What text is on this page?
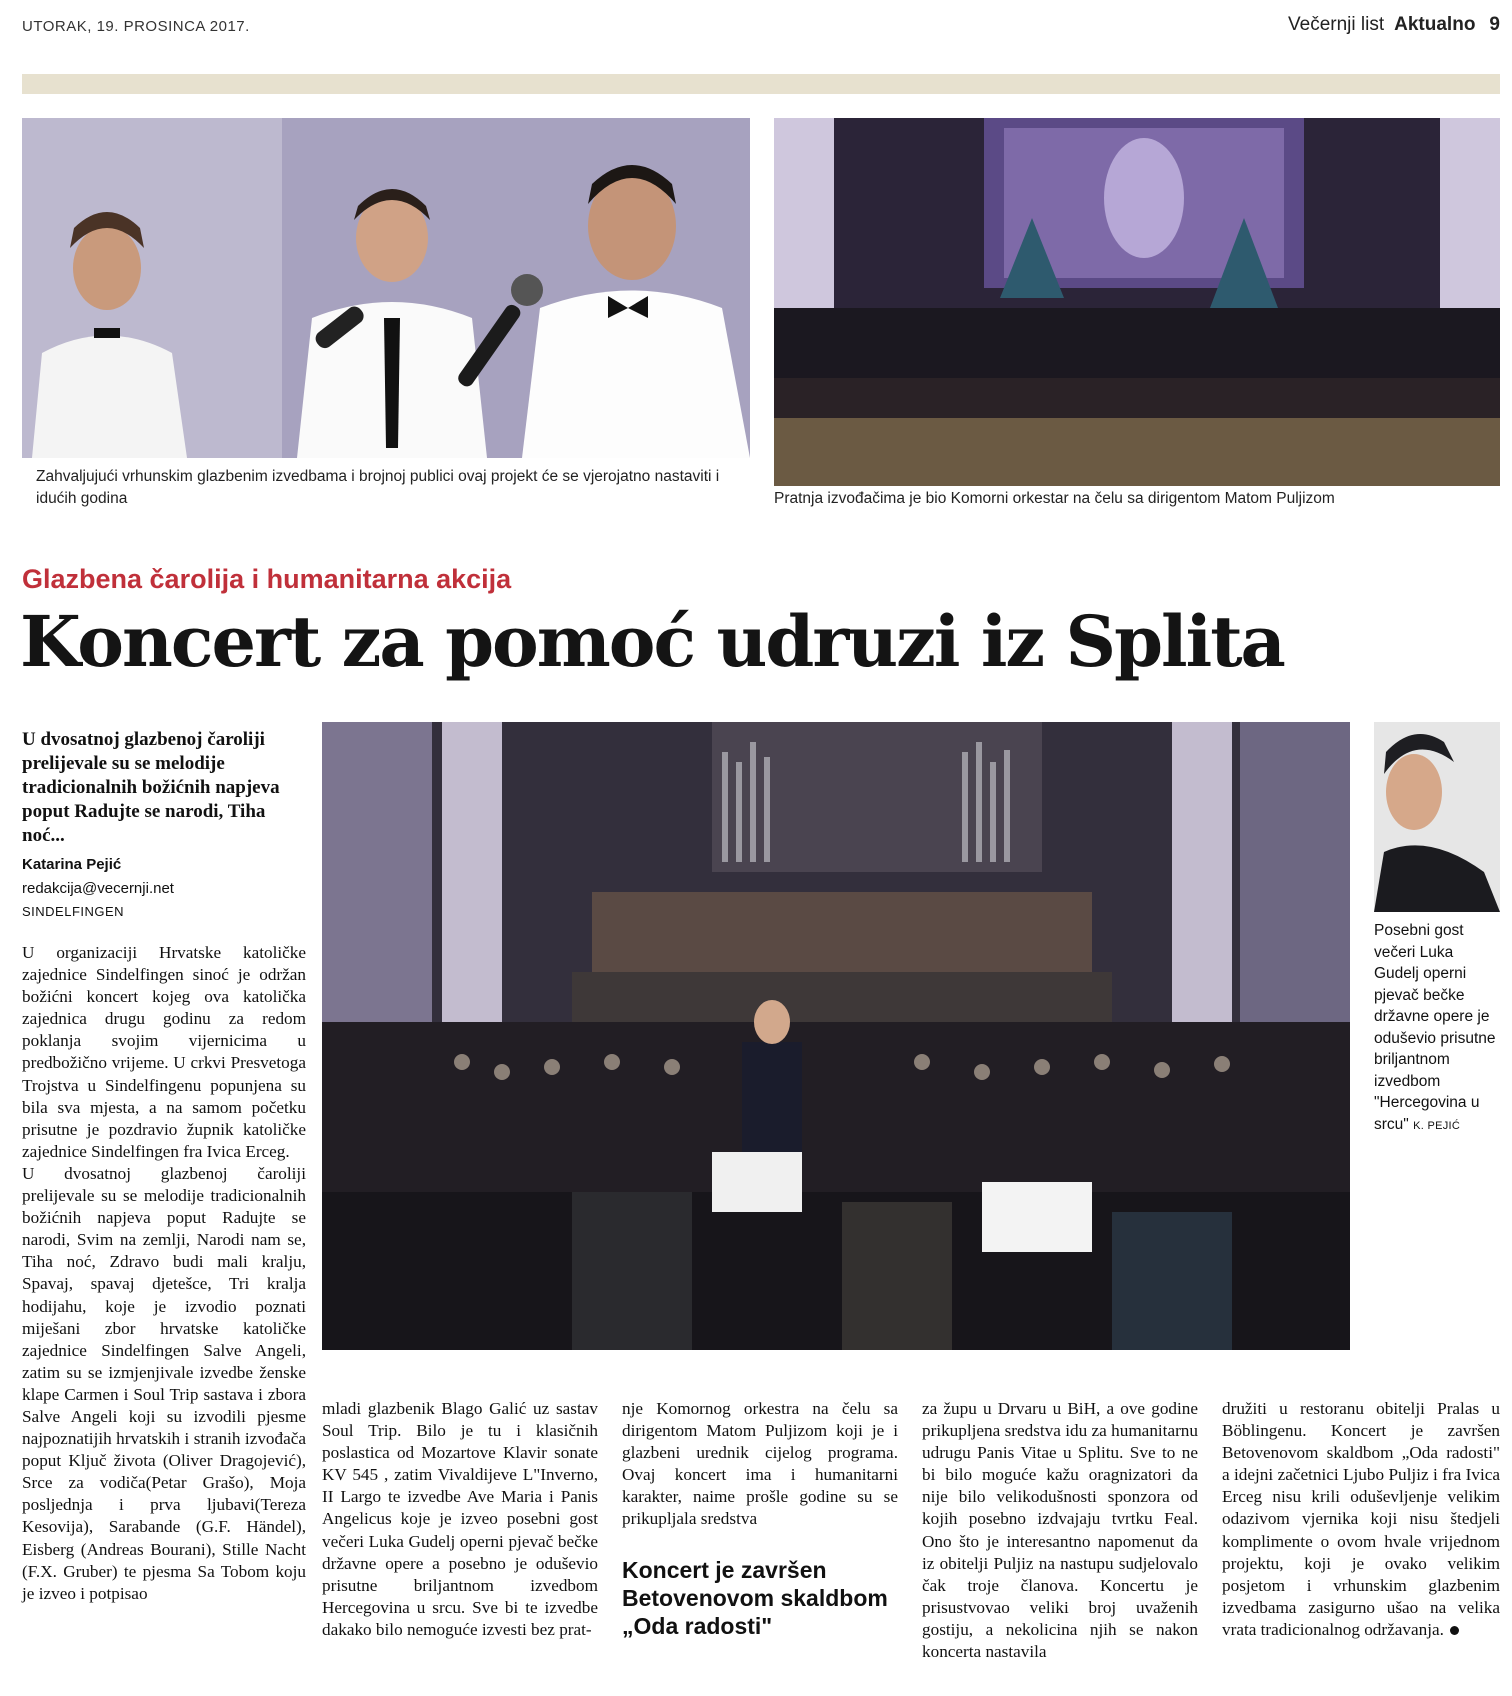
UTORAK, 19. PROSINCA 2017.	Večernji list Aktualno 9
Zahvaljujući vrhunskim glazbenim izvedbama i brojnoj publici ovaj projekt će se vjerojatno nastaviti i idućih godina	Pratnja izvođačima je bio Komorni orkestar na čelu sa dirigentom Matom Puljizom
Glazbena čarolija i humanitarna akcija
Koncert za pomoć udruzi iz Splita
U dvosatnoj glazbenoj čaroliji prelijevale su se melodije tradicionalnih božićnih napjeva poput Radujte se narodi, Tiha noć...
Katarina Pejić
redakcija@vecernji.net
SINDELFINGEN
Posebni gost večeri Luka Gudelj operni pjevač bečke državne opere je oduševio prisutne briljantnom izvedbom "Hercegovina u srcu" K. PEJIĆ

U organizaciji Hrvatske katoličke zajednice Sindelfingen sinoć je održan božićni koncert kojeg ova katolička zajednica drugu godinu za redom poklanja svojim vijernicima u predbožično vrijeme. U crkvi Presvetoga Trojstva u Sindelfingenu popunjena su bila sva mjesta, a na samom početku prisutne je pozdravio župnik katoličke zajednice Sindelfingen fra Ivica Erceg.

U dvosatnoj glazbenoj čaroliji prelijevale su se melodije tradicionalnih božićnih napjeva poput Radujte se narodi, Svim na zemlji, Narodi nam se, Tiha noć, Zdravo budi mali kralju, Spavaj, spavaj djetešce, Tri kralja hodijahu, koje je izvodio poznati miješani zbor hrvatske katoličke zajednice Sindelfingen Salve Angeli, zatim su se izmjenjivale izvedbe ženske klape Carmen i Soul Trip sastava i zbora Salve Angeli koji su izvodili pjesme najpoznatijih hrvatskih i stranih izvođača poput Ključ života (Oliver Dragojević), Srce za vodiča(Petar Grašo), Moja posljednja i prva ljubavi(Tereza Kesovija), Sarabande (G.F. Händel), Eisberg (Andreas Bourani), Stille Nacht (F.X. Gruber) te pjesma Sa Tobom koju je izveo i potpisao

mladi glazbenik Blago Galić uz sastav Soul Trip. Bilo je tu i klasičnih poslastica od Mozartove Klavir sonate KV 545 , zatim Vivaldijeve L"Inverno, II Largo te izvedbe Ave Maria i Panis Angelicus koje je izveo posebni gost večeri Luka Gudelj operni pjevač bečke državne opere a posebno je oduševio prisutne briljantnom izvedbom Hercegovina u srcu. Sve bi te izvedbe dakako bilo nemoguće izvesti bez prat-

nje Komornog orkestra na čelu sa dirigentom Matom Puljizom koji je i glazbeni urednik cijelog programa. Ovaj koncert ima i humanitarni karakter, naime prošle godine su se prikupljala sredstva

Koncert je završen Betovenovom skaldbom „Oda radosti"

za župu u Drvaru u BiH, a ove godine prikupljena sredstva idu za humanitarnu udrugu Panis Vitae u Splitu. Sve to ne bi bilo moguće kažu oragnizatori da nije bilo velikodušnosti sponzora od kojih posebno izdvajaju tvrtku Feal. Ono što je interesantno napomenut da iz obitelji Puljiz na nastupu sudjelovalo čak troje članova. Koncertu je prisustvovao veliki broj uvaženih gostiju, a nekolicina njih se nakon koncerta nastavila

družiti u restoranu obitelji Pralas u Böblingenu. Koncert je završen Betovenovom skaldbom „Oda radosti" a idejni začetnici Ljubo Puljiz i fra Ivica Erceg nisu krili oduševljenje velikim odazivom vjernika koji nisu štedjeli komplimente o ovom hvale vrijednom projektu, koji je ovako velikim posjetom i vrhunskim glazbenim izvedbama zasigurno ušao na velika vrata tradicionalnog održavanja.
